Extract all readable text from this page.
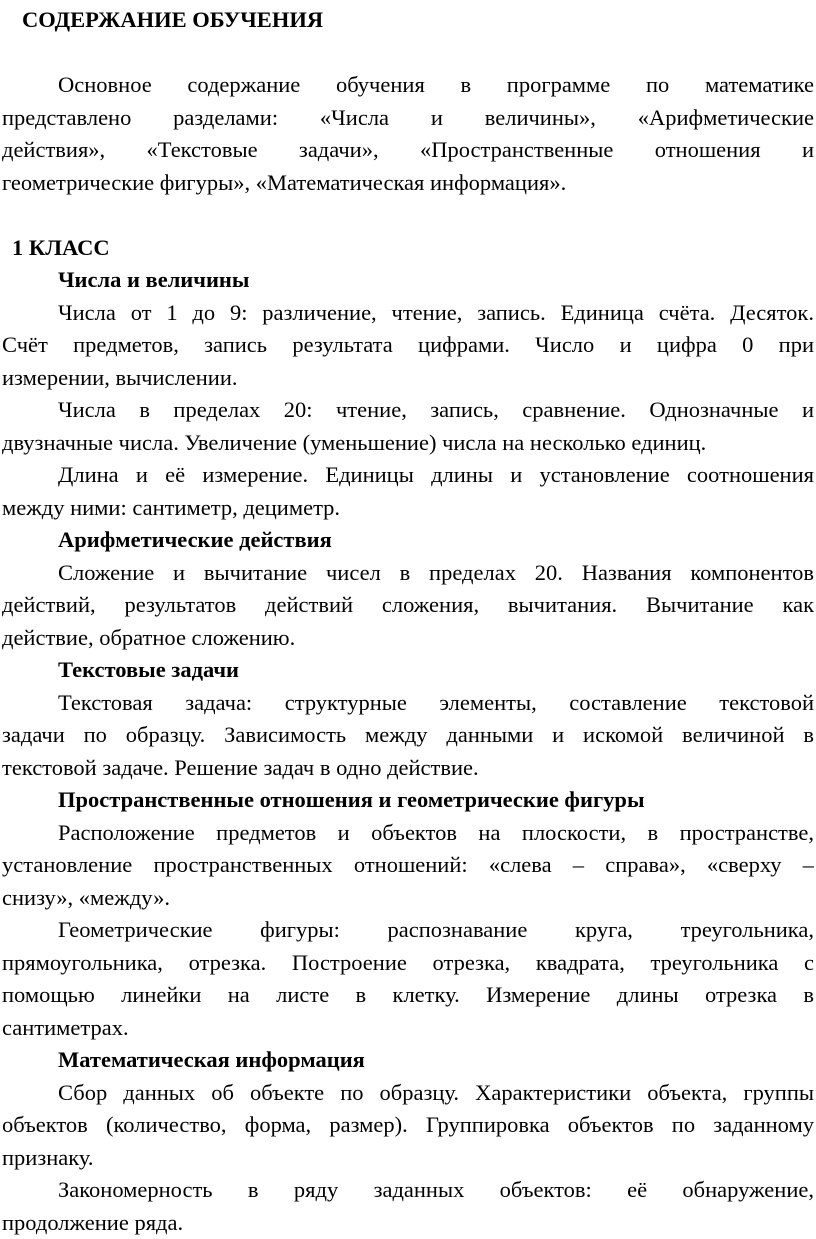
СОДЕРЖАНИЕ ОБУЧЕНИЯ
Основное содержание обучения в программе по математике
представлено разделами: «Числа и величины», «Арифметические
действия», «Текстовые задачи», «Пространственные отношения и
геометрические фигуры», «Математическая информация».
1 КЛАСС
Числа и величины
Числа от 1 до 9: различение, чтение, запись. Единица счёта. Десяток.
Счёт предметов, запись результата цифрами. Число и цифра 0 при
измерении, вычислении.
Числа в пределах 20: чтение, запись, сравнение. Однозначные и
двузначные числа. Увеличение (уменьшение) числа на несколько единиц.
Длина и её измерение. Единицы длины и установление соотношения
между ними: сантиметр, дециметр.
Арифметические действия
Сложение и вычитание чисел в пределах 20. Названия компонентов
действий, результатов действий сложения, вычитания. Вычитание как
действие, обратное сложению.
Текстовые задачи
Текстовая задача: структурные элементы, составление текстовой
задачи по образцу. Зависимость между данными и искомой величиной в
текстовой задаче. Решение задач в одно действие.
Пространственные отношения и геометрические фигуры
Расположение предметов и объектов на плоскости, в пространстве,
установление пространственных отношений: «слева – справа», «сверху –
снизу», «между».
Геометрические фигуры: распознавание круга, треугольника,
прямоугольника, отрезка. Построение отрезка, квадрата, треугольника с
помощью линейки на листе в клетку. Измерение длины отрезка в
сантиметрах.
Математическая информация
Сбор данных об объекте по образцу. Характеристики объекта, группы
объектов (количество, форма, размер). Группировка объектов по заданному
признаку.
Закономерность в ряду заданных объектов: её обнаружение,
продолжение ряда.
